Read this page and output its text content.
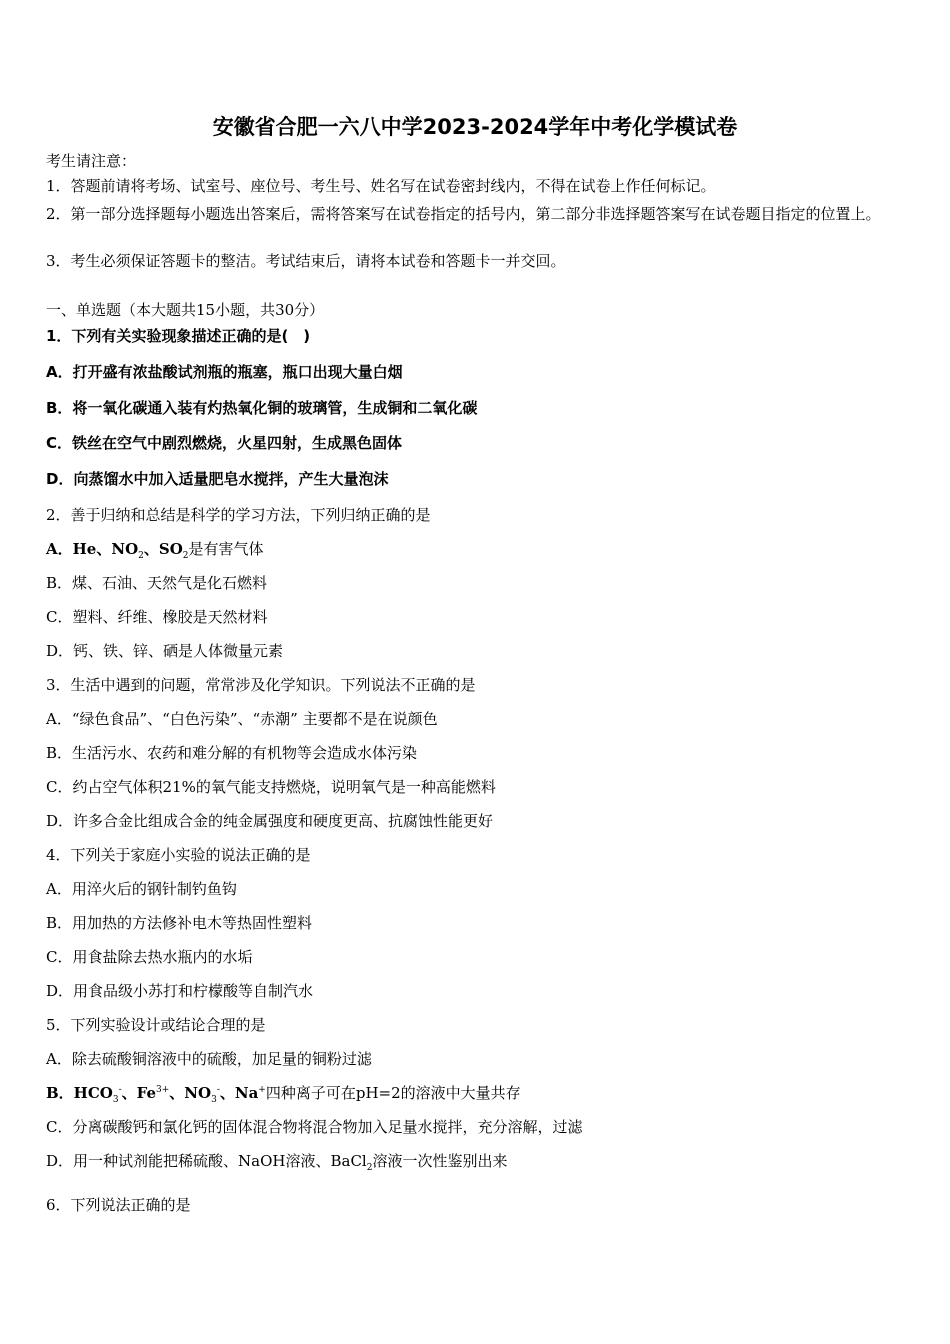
安徽省合肥一六八中学2023-2024学年中考化学模试卷
考生请注意：
1．答题前请将考场、试室号、座位号、考生号、姓名写在试卷密封线内，不得在试卷上作任何标记。
2．第一部分选择题每小题选出答案后，需将答案写在试卷指定的括号内，第二部分非选择题答案写在试卷题目指定的位置上。
3．考生必须保证答题卡的整洁。考试结束后，请将本试卷和答题卡一并交回。
一、单选题（本大题共15小题，共30分）
1．下列有关实验现象描述正确的是(　)
A．打开盛有浓盐酸试剂瓶的瓶塞，瓶口出现大量白烟
B．将一氧化碳通入装有灼热氧化铜的玻璃管，生成铜和二氧化碳
C．铁丝在空气中剧烈燃烧，火星四射，生成黑色固体
D．向蒸馏水中加入适量肥皂水搅拌，产生大量泡沫
2．善于归纳和总结是科学的学习方法，下列归纳正确的是
A．He、$NO_2$、$SO_2$是有害气体
B．煤、石油、天然气是化石燃料
C．塑料、纤维、橡胶是天然材料
D．钙、铁、锌、硒是人体微量元素
3．生活中遇到的问题，常常涉及化学知识。下列说法不正确的是
A．“绿色食品”、“白色污染”、“赤潮” 主要都不是在说颜色
B．生活污水、农药和难分解的有机物等会造成水体污染
C．约占空气体积21%的氧气能支持燃烧，说明氧气是一种高能燃料
D．许多合金比组成合金的纯金属强度和硬度更高、抗腐蚀性能更好
4．下列关于家庭小实验的说法正确的是
A．用淬火后的钢针制钓鱼钩
B．用加热的方法修补电木等热固性塑料
C．用食盐除去热水瓶内的水垢
D．用食品级小苏打和柠檬酸等自制汽水
5．下列实验设计或结论合理的是
A．除去硫酸铜溶液中的硫酸，加足量的铜粉过滤
B．$HCO_3^-$、$Fe^{3+}$、$NO_3^-$、Na+四种离子可在pH=2的溶液中大量共存
C．分离碳酸钙和氯化钙的固体混合物将混合物加入足量水搅拌，充分溶解，过滤
D．用一种试剂能把稀硫酸、NaOH溶液、BaCl$_2$溶液一次性鉴别出来
6．下列说法正确的是
